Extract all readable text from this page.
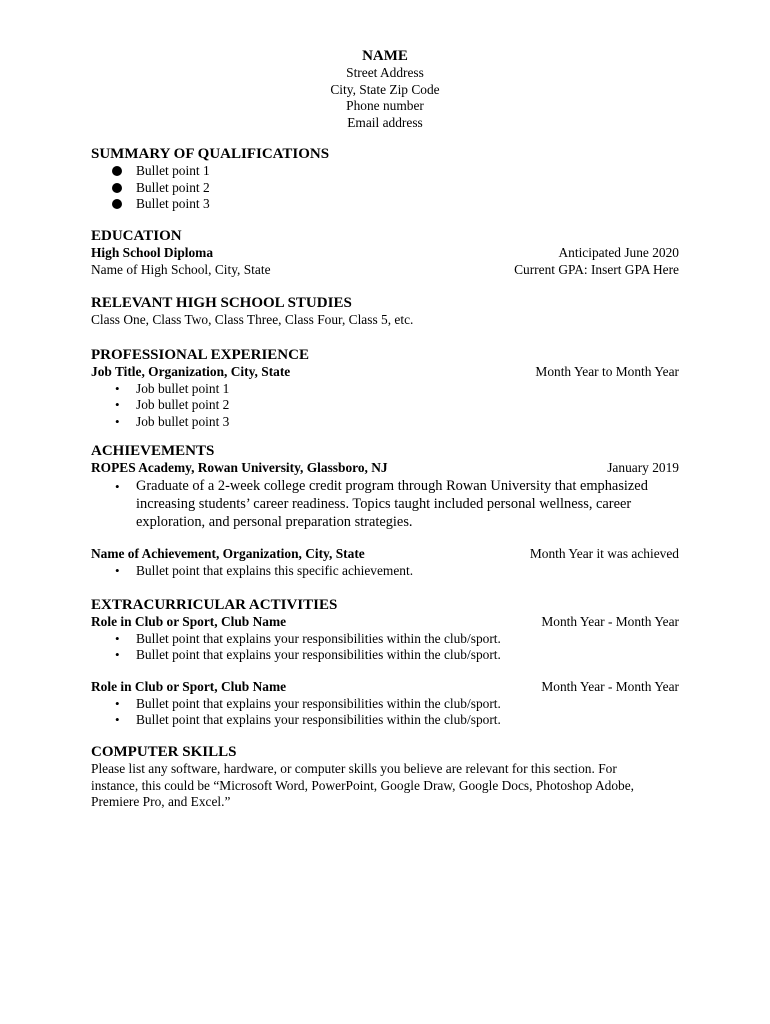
NAME
Street Address
City, State Zip Code
Phone number
Email address
SUMMARY OF QUALIFICATIONS
Bullet point 1
Bullet point 2
Bullet point 3
EDUCATION
High School Diploma	Anticipated June 2020
Name of High School, City, State	Current GPA: Insert GPA Here
RELEVANT HIGH SCHOOL STUDIES
Class One, Class Two, Class Three, Class Four, Class 5, etc.
PROFESSIONAL EXPERIENCE
Job Title, Organization, City, State	Month Year to Month Year
• Job bullet point 1
• Job bullet point 2
• Job bullet point 3
ACHIEVEMENTS
ROPES Academy, Rowan University, Glassboro, NJ	January 2019
• Graduate of a 2-week college credit program through Rowan University that emphasized increasing students’ career readiness. Topics taught included personal wellness, career exploration, and personal preparation strategies.
Name of Achievement, Organization, City, State	Month Year it was achieved
• Bullet point that explains this specific achievement.
EXTRACURRICULAR ACTIVITIES
Role in Club or Sport, Club Name	Month Year - Month Year
• Bullet point that explains your responsibilities within the club/sport.
• Bullet point that explains your responsibilities within the club/sport.
Role in Club or Sport, Club Name	Month Year - Month Year
• Bullet point that explains your responsibilities within the club/sport.
• Bullet point that explains your responsibilities within the club/sport.
COMPUTER SKILLS
Please list any software, hardware, or computer skills you believe are relevant for this section. For instance, this could be “Microsoft Word, PowerPoint, Google Draw, Google Docs, Photoshop Adobe, Premiere Pro, and Excel.”
